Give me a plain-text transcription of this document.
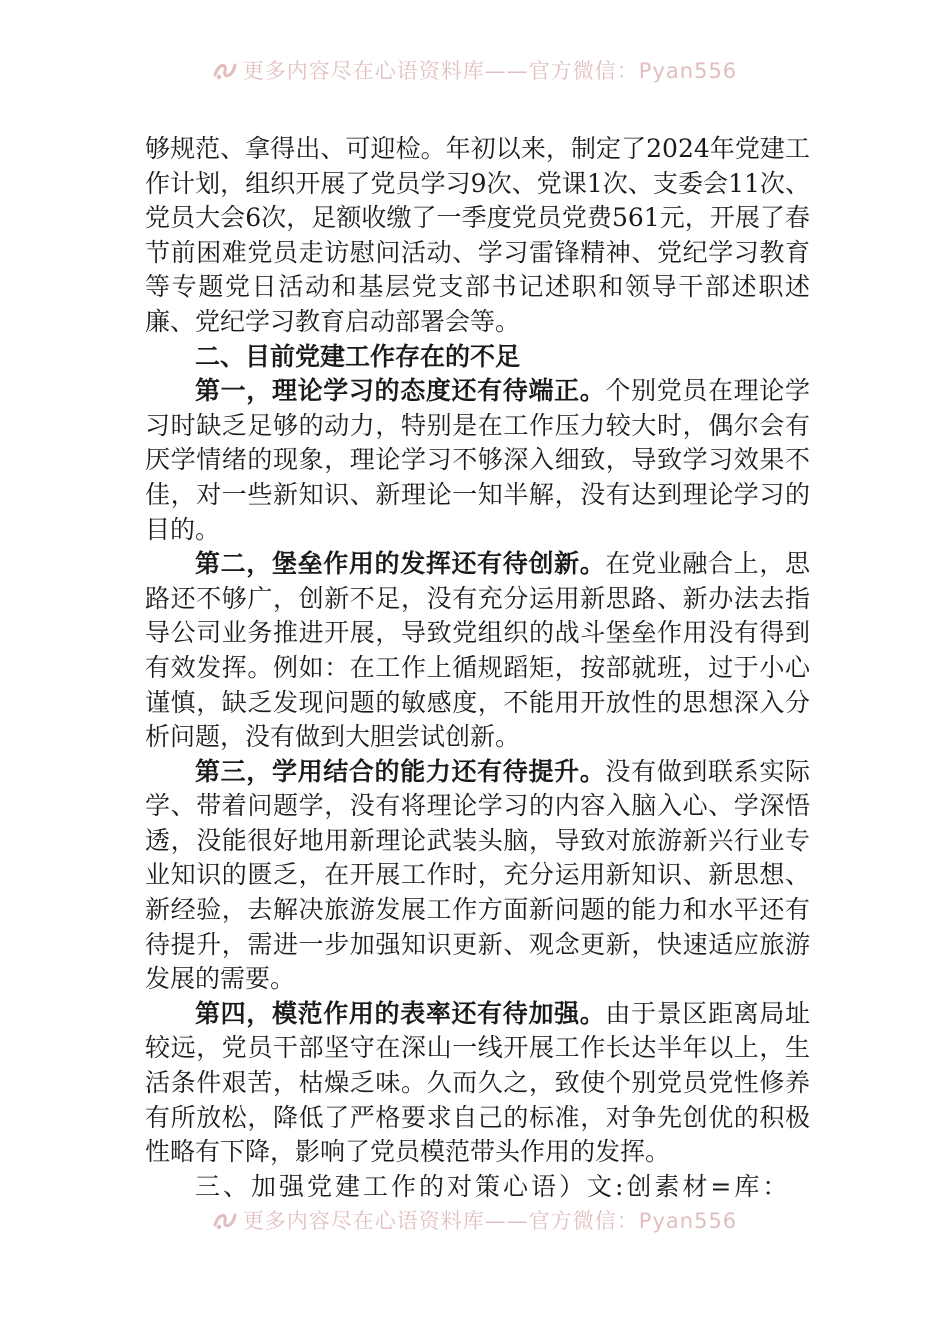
更多内容尽在心语资料库——官方微信：Pyan556

够规范、拿得出、可迎检。年初以来，制定了2024年党建工作计划，组织开展了党员学习9次、党课1次、支委会11次、党员大会6次，足额收缴了一季度党员党费561元，开展了春节前困难党员走访慰问活动、学习雷锋精神、党纪学习教育等专题党日活动和基层党支部书记述职和领导干部述职述廉、党纪学习教育启动部署会等。

二、目前党建工作存在的不足

第一，理论学习的态度还有待端正。个别党员在理论学习时缺乏足够的动力，特别是在工作压力较大时，偶尔会有厌学情绪的现象，理论学习不够深入细致，导致学习效果不佳，对一些新知识、新理论一知半解，没有达到理论学习的目的。

第二，堡垒作用的发挥还有待创新。在党业融合上，思路还不够广，创新不足，没有充分运用新思路、新办法去指导公司业务推进开展，导致党组织的战斗堡垒作用没有得到有效发挥。例如：在工作上循规蹈矩，按部就班，过于小心谨慎，缺乏发现问题的敏感度，不能用开放性的思想深入分析问题，没有做到大胆尝试创新。

第三，学用结合的能力还有待提升。没有做到联系实际学、带着问题学，没有将理论学习的内容入脑入心、学深悟透，没能很好地用新理论武装头脑，导致对旅游新兴行业专业知识的匮乏，在开展工作时，充分运用新知识、新思想、新经验，去解决旅游发展工作方面新问题的能力和水平还有待提升，需进一步加强知识更新、观念更新，快速适应旅游发展的需要。

第四，模范作用的表率还有待加强。由于景区距离局址较远，党员干部坚守在深山一线开展工作长达半年以上，生活条件艰苦，枯燥乏味。久而久之，致使个别党员党性修养有所放松，降低了严格要求自己的标准，对争先创优的积极性略有下降，影响了党员模范带头作用的发挥。

三、加强党建工作的对策心语）文:创素材=库：

更多内容尽在心语资料库——官方微信：Pyan556
